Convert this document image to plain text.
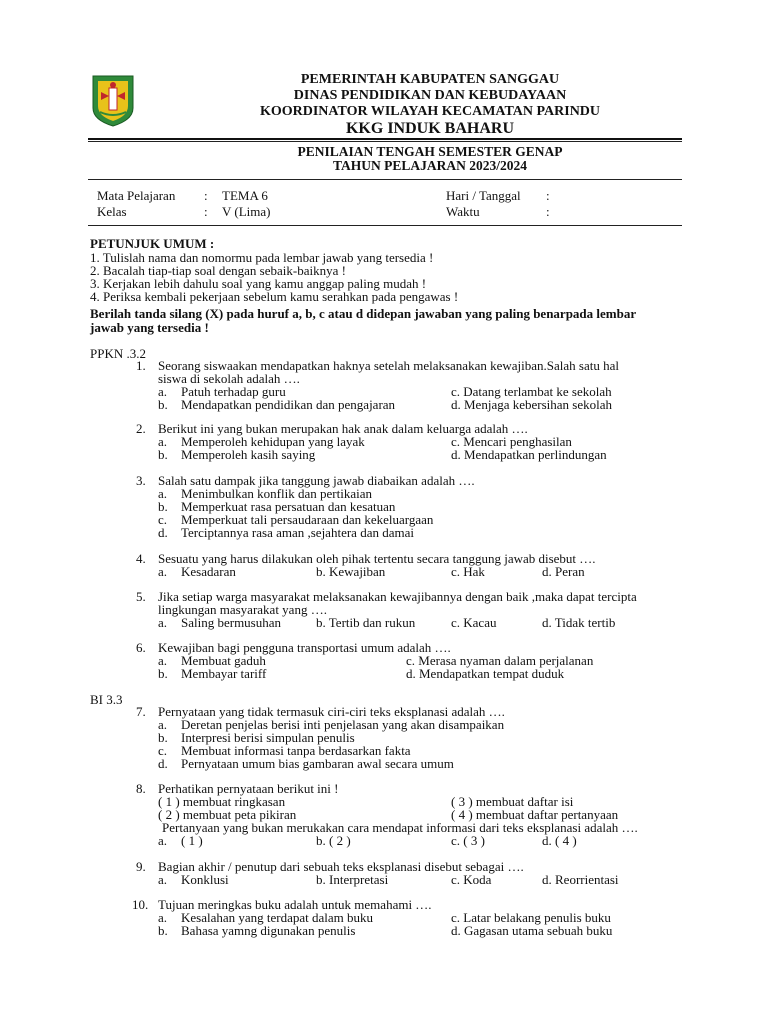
PEMERINTAH KABUPATEN SANGGAU
DINAS PENDIDIKAN DAN KEBUDAYAAN
KOORDINATOR WILAYAH KECAMATAN PARINDU
KKG INDUK BAHARU
PENILAIAN TENGAH SEMESTER GENAP
TAHUN PELAJARAN 2023/2024
Mata Pelajaran : TEMA 6	Hari / Tanggal :
Kelas	: V (Lima)	Waktu	:
PETUNJUK UMUM :
1. Tulislah nama dan nomormu pada lembar jawab yang tersedia !
2. Bacalah tiap-tiap soal dengan sebaik-baiknya !
3. Kerjakan lebih dahulu soal yang kamu anggap paling mudah !
4. Periksa kembali pekerjaan sebelum kamu serahkan pada pengawas !
Berilah tanda silang (X) pada huruf a, b, c atau d didepan jawaban yang paling benarpada lembar
jawab yang tersedia !
PPKN .3.2
1. Seorang siswaakan mendapatkan haknya setelah melaksanakan kewajiban.Salah satu hal
siswa di sekolah adalah ….
a. Patuh terhadap guru	c. Datang terlambat ke sekolah
b. Mendapatkan pendidikan dan pengajaran	d. Menjaga kebersihan sekolah
2. Berikut ini yang bukan merupakan hak anak dalam keluarga adalah ….
a. Memperoleh kehidupan yang layak	c. Mencari penghasilan
b. Memperoleh kasih saying	d. Mendapatkan perlindungan
3. Salah satu dampak jika tanggung jawab diabaikan adalah ….
a. Menimbulkan konflik dan pertikaian
b. Memperkuat rasa persatuan dan kesatuan
c. Memperkuat tali persaudaraan dan kekeluargaan
d. Terciptannya rasa aman ,sejahtera dan damai
4. Sesuatu yang harus dilakukan oleh pihak tertentu secara tanggung jawab disebut ….
a. Kesadaran	b. Kewajiban	c. Hak	d. Peran
5. Jika setiap warga masyarakat melaksanakan kewajibannya dengan baik ,maka dapat tercipta
lingkungan masyarakat yang ….
a. Saling bermusuhan	b. Tertib dan rukun	c. Kacau	d. Tidak tertib
6. Kewajiban bagi pengguna transportasi umum adalah ….
a. Membuat gaduh	c. Merasa nyaman dalam perjalanan
b. Membayar tariff	d. Mendapatkan tempat duduk
BI 3.3
7. Pernyataan yang tidak termasuk ciri-ciri teks eksplanasi adalah ….
a. Deretan penjelas berisi inti penjelasan yang akan disampaikan
b. Interpresi berisi simpulan penulis
c. Membuat informasi tanpa berdasarkan fakta
d. Pernyataan umum bias gambaran awal secara umum
8. Perhatikan pernyataan berikut ini !
( 1 ) membuat ringkasan	( 3 ) membuat daftar isi
( 2 ) membuat peta pikiran	( 4 ) membuat daftar pertanyaan
Pertanyaan yang bukan merukakan cara mendapat informasi dari teks eksplanasi adalah ….
a. ( 1 )	b. ( 2 )	c. ( 3 )	d. ( 4 )
9. Bagian akhir / penutup dari sebuah teks eksplanasi disebut sebagai ….
a. Konklusi	b. Interpretasi	c. Koda	d. Reorrientasi
10. Tujuan meringkas buku adalah untuk memahami ….
a. Kesalahan yang terdapat dalam buku	c. Latar belakang penulis buku
b. Bahasa yamng digunakan penulis	d. Gagasan utama sebuah buku
